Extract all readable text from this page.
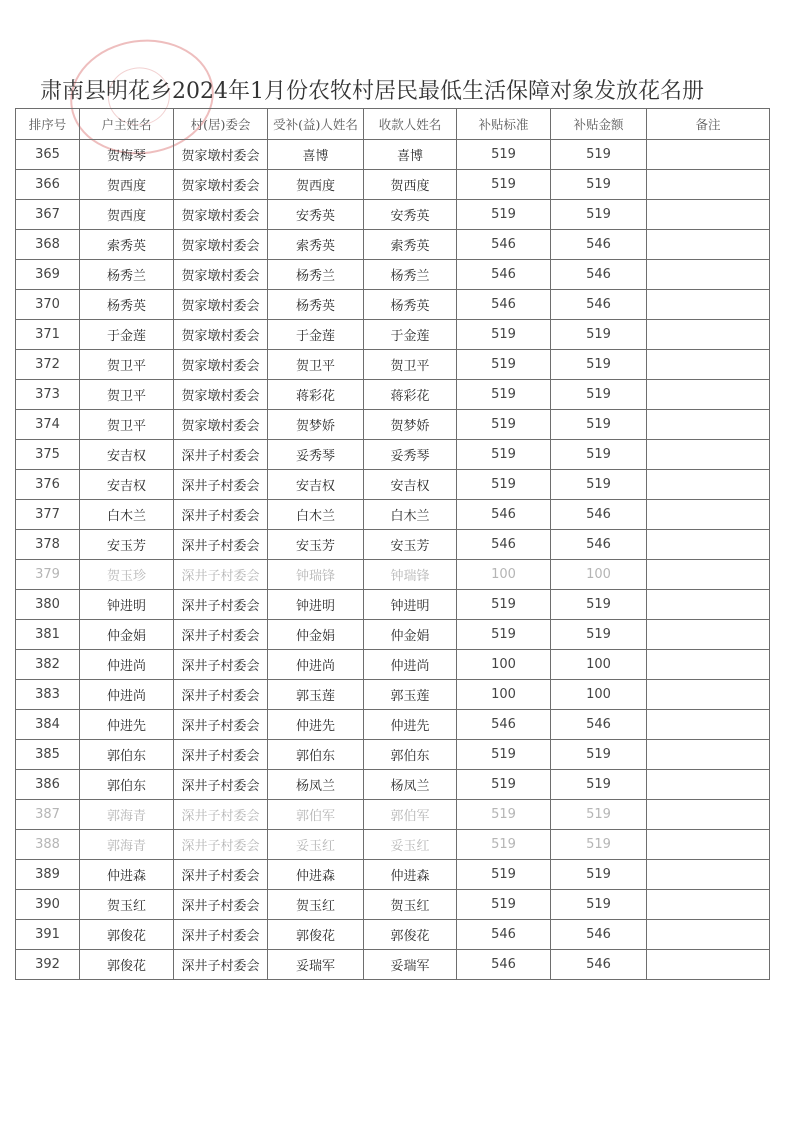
肃南县明花乡2024年1月份农牧村居民最低生活保障对象发放花名册
排序号	户主姓名	村(居)委会	受补(益)人姓名	收款人姓名	补贴标准	补贴金额	备注
365	贺梅琴	贺家墩村委会	喜博	喜博	519	519	
366	贺西度	贺家墩村委会	贺西度	贺西度	519	519	
367	贺西度	贺家墩村委会	安秀英	安秀英	519	519	
368	索秀英	贺家墩村委会	索秀英	索秀英	546	546	
369	杨秀兰	贺家墩村委会	杨秀兰	杨秀兰	546	546	
370	杨秀英	贺家墩村委会	杨秀英	杨秀英	546	546	
371	于金莲	贺家墩村委会	于金莲	于金莲	519	519	
372	贺卫平	贺家墩村委会	贺卫平	贺卫平	519	519	
373	贺卫平	贺家墩村委会	蒋彩花	蒋彩花	519	519	
374	贺卫平	贺家墩村委会	贺梦娇	贺梦娇	519	519	
375	安吉权	深井子村委会	妥秀琴	妥秀琴	519	519	
376	安吉权	深井子村委会	安吉权	安吉权	519	519	
377	白木兰	深井子村委会	白木兰	白木兰	546	546	
378	安玉芳	深井子村委会	安玉芳	安玉芳	546	546	
379	贺玉珍	深井子村委会	钟瑞锋	钟瑞锋	100	100	
380	钟进明	深井子村委会	钟进明	钟进明	519	519	
381	仲金娟	深井子村委会	仲金娟	仲金娟	519	519	
382	仲进尚	深井子村委会	仲进尚	仲进尚	100	100	
383	仲进尚	深井子村委会	郭玉莲	郭玉莲	100	100	
384	仲进先	深井子村委会	仲进先	仲进先	546	546	
385	郭伯东	深井子村委会	郭伯东	郭伯东	519	519	
386	郭伯东	深井子村委会	杨凤兰	杨凤兰	519	519	
387	郭海青	深井子村委会	郭伯军	郭伯军	519	519	
388	郭海青	深井子村委会	妥玉红	妥玉红	519	519	
389	仲进森	深井子村委会	仲进森	仲进森	519	519	
390	贺玉红	深井子村委会	贺玉红	贺玉红	519	519	
391	郭俊花	深井子村委会	郭俊花	郭俊花	546	546	
392	郭俊花	深井子村委会	妥瑞军	妥瑞军	546	546	
